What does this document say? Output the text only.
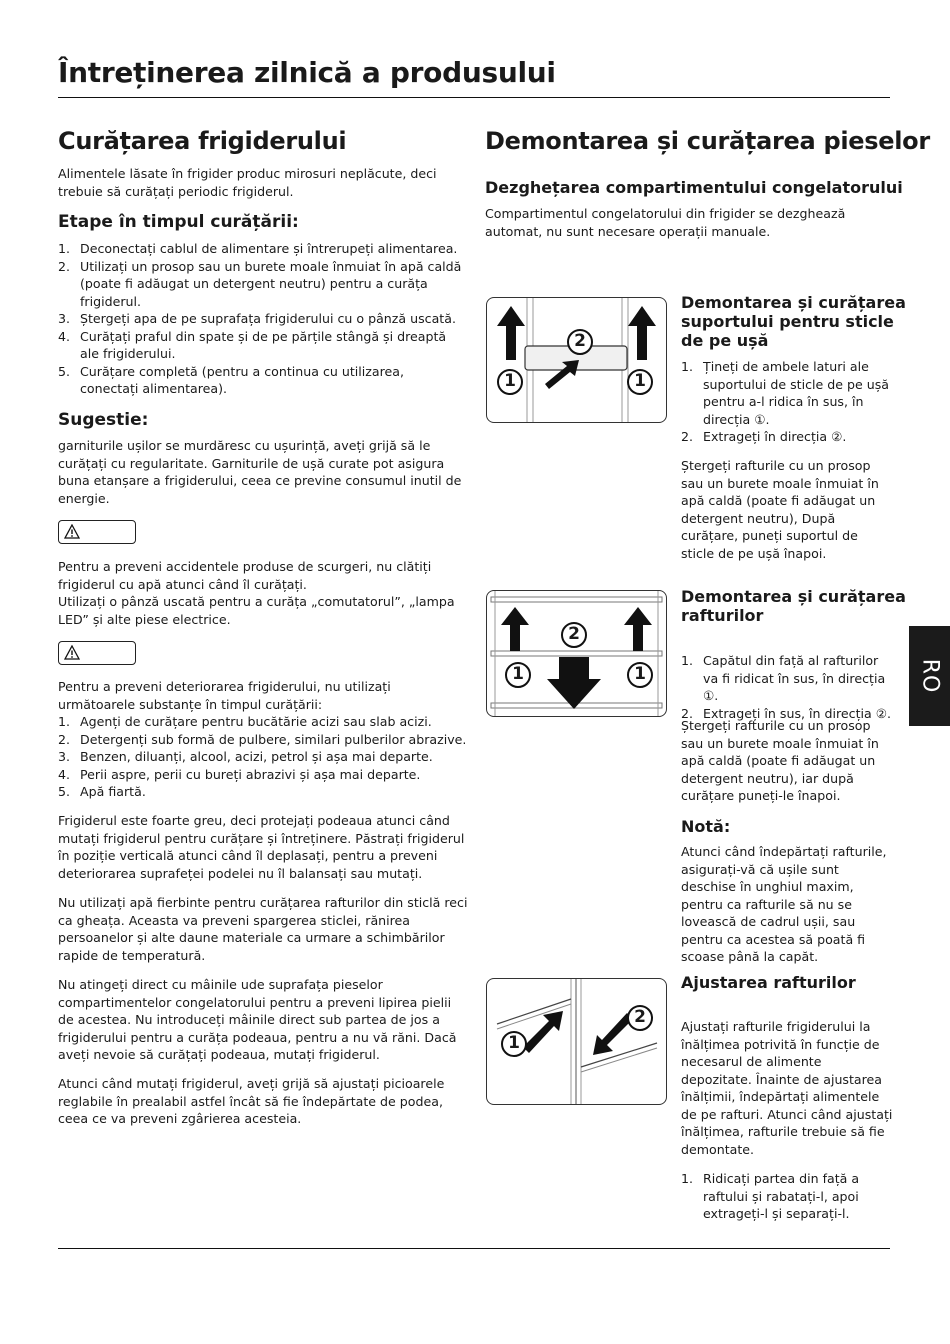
Întreținerea zilnică a produsului
Curățarea frigiderului

Alimentele lăsate în frigider produc mirosuri neplăcute, deci trebuie să curățați periodic frigiderul.

Etape în timpul curățării:
1. Deconectați cablul de alimentare și întrerupeți alimentarea.
2. Utilizați un prosop sau un burete moale înmuiat în apă caldă (poate fi adăugat un detergent neutru) pentru a curăța frigiderul.
3. Ștergeți apa de pe suprafața frigiderului cu o pânză uscată.
4. Curățați praful din spate și de pe părțile stângă și dreaptă ale frigiderului.
5. Curățare completă (pentru a continua cu utilizarea, conectați alimentarea).
Sugestie:

garniturile ușilor se murdăresc cu ușurință, aveți grijă să le curățați cu regularitate. Garniturile de ușă curate pot asigura buna etanșare a frigiderului, ceea ce previne consumul inutil de energie.

Pentru a preveni accidentele produse de scurgeri, nu clătiți frigiderul cu apă atunci când îl curățați.
Utilizați o pânză uscată pentru a curăța „comutatorul”, „lampa LED” și alte piese electrice.

Pentru a preveni deteriorarea frigiderului, nu utilizați următoarele substanțe în timpul curățării:

1. Agenți de curățare pentru bucătărie acizi sau slab acizi.
2. Detergenți sub formă de pulbere, similari pulberilor abrazive.
3. Benzen, diluanți, alcool, acizi, petrol și așa mai departe.
4. Perii aspre, perii cu bureți abrazivi și așa mai departe.
5. Apă fiartă.

Frigiderul este foarte greu, deci protejați podeaua atunci când mutați frigiderul pentru curățare și întreținere. Păstrați frigiderul în poziție verticală atunci când îl deplasați, pentru a preveni deteriorarea suprafeței podelei nu îl balansați sau mutați.

Nu utilizați apă fierbinte pentru curățarea rafturilor din sticlă reci ca gheața. Aceasta va preveni spargerea sticlei, rănirea persoanelor și alte daune materiale ca urmare a schimbărilor rapide de temperatură.

Nu atingeți direct cu mâinile ude suprafața pieselor compartimentelor congelatorului pentru a preveni lipirea pielii de acestea. Nu introduceți mâinile direct sub partea de jos a frigiderului pentru a curăța podeaua, pentru a nu vă răni. Dacă aveți nevoie să curățați podeaua, mutați frigiderul.

Atunci când mutați frigiderul, aveți grijă să ajustați picioarele reglabile în prealabil astfel încât să fie îndepărtate de podea, ceea ce va preveni zgârierea acesteia.

Demontarea și curățarea pieselor
Dezghețarea compartimentului congelatorului

Compartimentul congelatorului din frigider se dezghează automat, nu sunt necesare operații manuale.

1	1
2
Demontarea și curățarea suportului pentru sticle de pe ușă
1. Țineți de ambele laturi ale suportului de sticle de pe ușă pentru a-l ridica în sus, în direcția ①.
2. Extrageți în direcția ②.

Ștergeți rafturile cu un prosop sau un burete moale înmuiat în apă caldă (poate fi adăugat un detergent neutru), După curățare, puneți suportul de sticle de pe ușă înapoi.

1	1
2
Demontarea și curățarea rafturilor
1. Capătul din față al rafturilor va fi ridicat în sus, în direcția ①.
2. Extrageți în sus, în direcția ②.

Ștergeți rafturile cu un prosop sau un burete moale înmuiat în apă caldă (poate fi adăugat un detergent neutru), iar după curățare puneți-le înapoi.

Notă:

Atunci când îndepărtați rafturile, asigurați-vă că ușile sunt deschise în unghiul maxim, pentru ca rafturile să nu se lovească de cadrul ușii, sau pentru ca acestea să poată fi scoase până la capăt.

1
2
Ajustarea rafturilor

Ajustați rafturile frigiderului la înălțimea potrivită în funcție de necesarul de alimente depozitate. Înainte de ajustarea înălțimii, îndepărtați alimentele de pe rafturi. Atunci când ajustați înălțimea, rafturile trebuie să fie demontate.

1. Ridicați partea din față a raftului și rabatați-l, apoi extrageți-l și separați-l.
RO
